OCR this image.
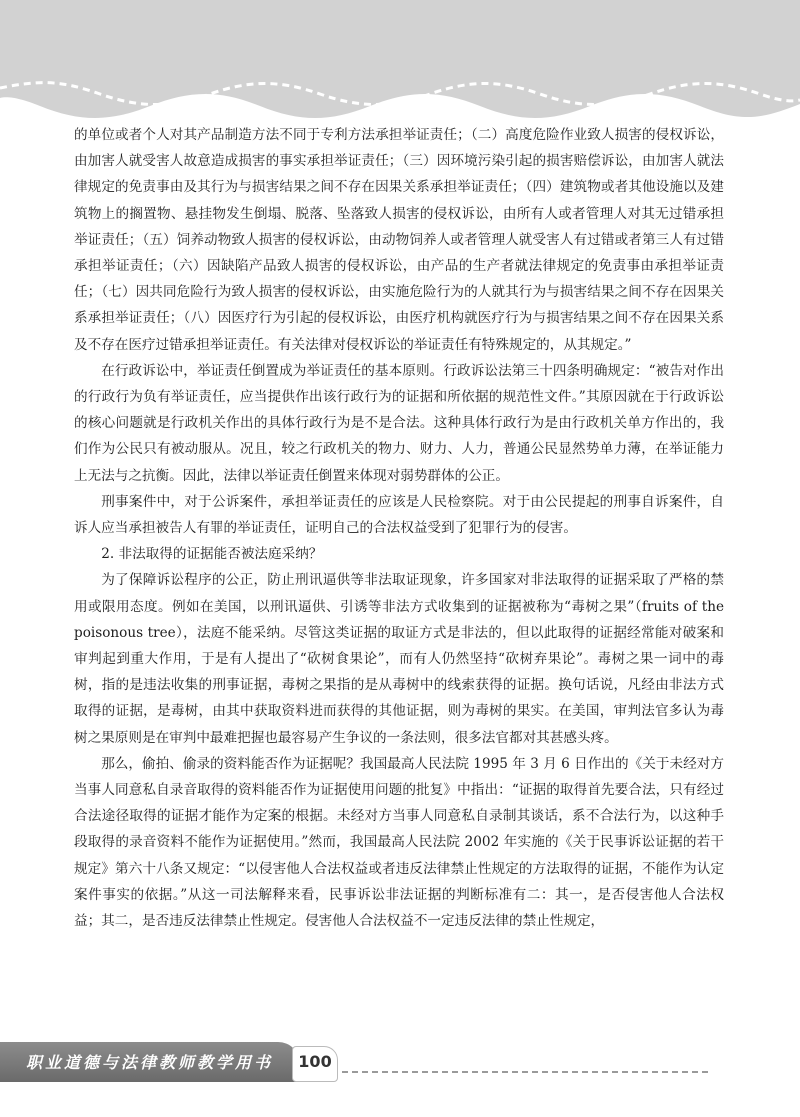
的单位或者个人对其产品制造方法不同于专利方法承担举证责任；（二）高度危险作业致人损害的侵权诉讼，由加害人就受害人故意造成损害的事实承担举证责任；（三）因环境污染引起的损害赔偿诉讼，由加害人就法律规定的免责事由及其行为与损害结果之间不存在因果关系承担举证责任；（四）建筑物或者其他设施以及建筑物上的搁置物、悬挂物发生倒塌、脱落、坠落致人损害的侵权诉讼，由所有人或者管理人对其无过错承担举证责任；（五）饲养动物致人损害的侵权诉讼，由动物饲养人或者管理人就受害人有过错或者第三人有过错承担举证责任；（六）因缺陷产品致人损害的侵权诉讼，由产品的生产者就法律规定的免责事由承担举证责任；（七）因共同危险行为致人损害的侵权诉讼，由实施危险行为的人就其行为与损害结果之间不存在因果关系承担举证责任；（八）因医疗行为引起的侵权诉讼，由医疗机构就医疗行为与损害结果之间不存在因果关系及不存在医疗过错承担举证责任。有关法律对侵权诉讼的举证责任有特殊规定的，从其规定。”

在行政诉讼中，举证责任倒置成为举证责任的基本原则。行政诉讼法第三十四条明确规定：“被告对作出的行政行为负有举证责任，应当提供作出该行政行为的证据和所依据的规范性文件。”其原因就在于行政诉讼的核心问题就是行政机关作出的具体行政行为是不是合法。这种具体行政行为是由行政机关单方作出的，我们作为公民只有被动服从。况且，较之行政机关的物力、财力、人力，普通公民显然势单力薄，在举证能力上无法与之抗衡。因此，法律以举证责任倒置来体现对弱势群体的公正。

刑事案件中，对于公诉案件，承担举证责任的应该是人民检察院。对于由公民提起的刑事自诉案件，自诉人应当承担被告人有罪的举证责任，证明自己的合法权益受到了犯罪行为的侵害。

2. 非法取得的证据能否被法庭采纳？

为了保障诉讼程序的公正，防止刑讯逼供等非法取证现象，许多国家对非法取得的证据采取了严格的禁用或限用态度。例如在美国，以刑讯逼供、引诱等非法方式收集到的证据被称为“毒树之果”（fruits of the poisonous tree），法庭不能采纳。尽管这类证据的取证方式是非法的，但以此取得的证据经常能对破案和审判起到重大作用，于是有人提出了“砍树食果论”，而有人仍然坚持“砍树弃果论”。毒树之果一词中的毒树，指的是违法收集的刑事证据，毒树之果指的是从毒树中的线索获得的证据。换句话说，凡经由非法方式取得的证据，是毒树，由其中获取资料进而获得的其他证据，则为毒树的果实。在美国，审判法官多认为毒树之果原则是在审判中最难把握也最容易产生争议的一条法则，很多法官都对其甚感头疼。

那么，偷拍、偷录的资料能否作为证据呢？我国最高人民法院 1995 年 3 月 6 日作出的《关于未经对方当事人同意私自录音取得的资料能否作为证据使用问题的批复》中指出：“证据的取得首先要合法，只有经过合法途径取得的证据才能作为定案的根据。未经对方当事人同意私自录制其谈话，系不合法行为，以这种手段取得的录音资料不能作为证据使用。”然而，我国最高人民法院 2002 年实施的《关于民事诉讼证据的若干规定》第六十八条又规定：“以侵害他人合法权益或者违反法律禁止性规定的方法取得的证据，不能作为认定案件事实的依据。”从这一司法解释来看，民事诉讼非法证据的判断标准有二：其一，是否侵害他人合法权益；其二，是否违反法律禁止性规定。侵害他人合法权益不一定违反法律的禁止性规定，

职业道德与法律教师教学用书 100
